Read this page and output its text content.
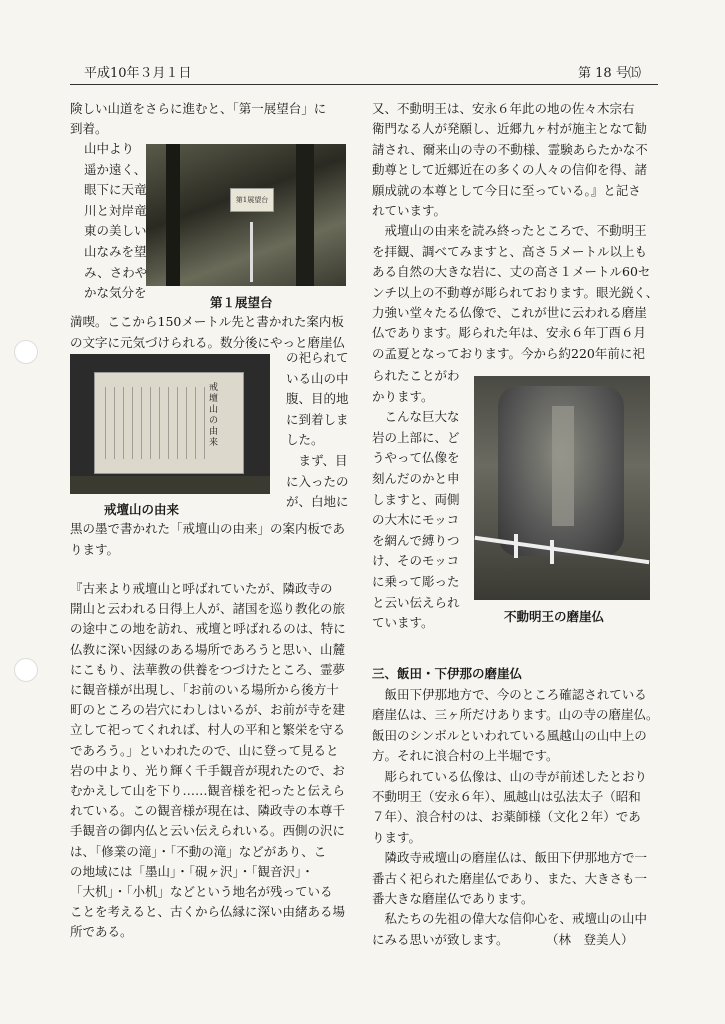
平成10年３月１日	第 18 号 ⒂
第1展望台
第１展望台
戒壇山の由来
戒壇山の由来
不動明王の磨崖仏
険しい山道をさらに進むと、「第一展望台」に
到着。
山中より
遥か遠く、
眼下に天竜
川と対岸竜
東の美しい
山なみを望
み、さわや
かな気分を
満喫。ここから150メートル先と書かれた案内板
の文字に元気づけられる。数分後にやっと磨崖仏
の祀られて
いる山の中
腹、目的地
に到着しま
した。
　まず、目
に入ったの
が、白地に
黒の墨で書かれた「戒壇山の由来」の案内板であ
ります。
『古来より戒壇山と呼ばれていたが、隣政寺の
開山と云われる日得上人が、諸国を巡り教化の旅
の途中この地を訪れ、戒壇と呼ばれるのは、特に
仏教に深い因縁のある場所であろうと思い、山麓
にこもり、法華教の供養をつづけたところ、霊夢
に観音様が出現し、「お前のいる場所から後方十
町のところの岩穴にわしはいるが、お前が寺を建
立して祀ってくれれば、村人の平和と繁栄を守る
であろう。」といわれたので、山に登って見ると
岩の中より、光り輝く千手観音が現れたので、お
むかえして山を下り……観音様を祀ったと伝えら
れている。この観音様が現在は、隣政寺の本尊千
手観音の御内仏と云い伝えられいる。西側の沢に
は、「修業の滝」・「不動の滝」などがあり、こ
の地域には「墨山」・「硯ヶ沢」・「観音沢」・
「大机」・「小机」などという地名が残っている
ことを考えると、古くから仏縁に深い由緒ある場
所である。
又、不動明王は、安永６年此の地の佐々木宗右
衛門なる人が発願し、近郷九ヶ村が施主となて勧
請され、爾来山の寺の不動様、霊験あらたかな不
動尊として近郷近在の多くの人々の信仰を得、諸
願成就の本尊として今日に至っている。』と記さ
れています。
　戒壇山の由来を読み終ったところで、不動明王
を拝観、調べてみますと、高さ５メートル以上も
ある自然の大きな岩に、丈の高さ１メートル60セ
ンチ以上の不動尊が彫られております。眼光鋭く、
力強い堂々たる仏像で、これが世に云われる磨崖
仏であります。彫られた年は、安永６年丁酉６月
の孟夏となっております。今から約220年前に祀
られたことがわ
かります。
　こんな巨大な
岩の上部に、ど
うやって仏像を
刻んだのかと申
しますと、両側
の大木にモッコ
を網んで縛りつ
け、そのモッコ
に乗って彫った
と云い伝えられ
ています。
　飯田下伊那地方で、今のところ確認されている
磨崖仏は、三ヶ所だけあります。山の寺の磨崖仏。
飯田のシンボルといわれている風越山の山中上の
方。それに浪合村の上半堀です。
　彫られている仏像は、山の寺が前述したとおり
不動明王（安永６年）、風越山は弘法太子（昭和
７年）、浪合村のは、お薬師様（文化２年）であ
ります。
　隣政寺戒壇山の磨崖仏は、飯田下伊那地方で一
番古く祀られた磨崖仏であり、また、大きさも一
番大きな磨崖仏であります。
　私たちの先祖の偉大な信仰心を、戒壇山の山中
にみる思いが致します。　　　　（林　登美人）
三、飯田・下伊那の磨崖仏
